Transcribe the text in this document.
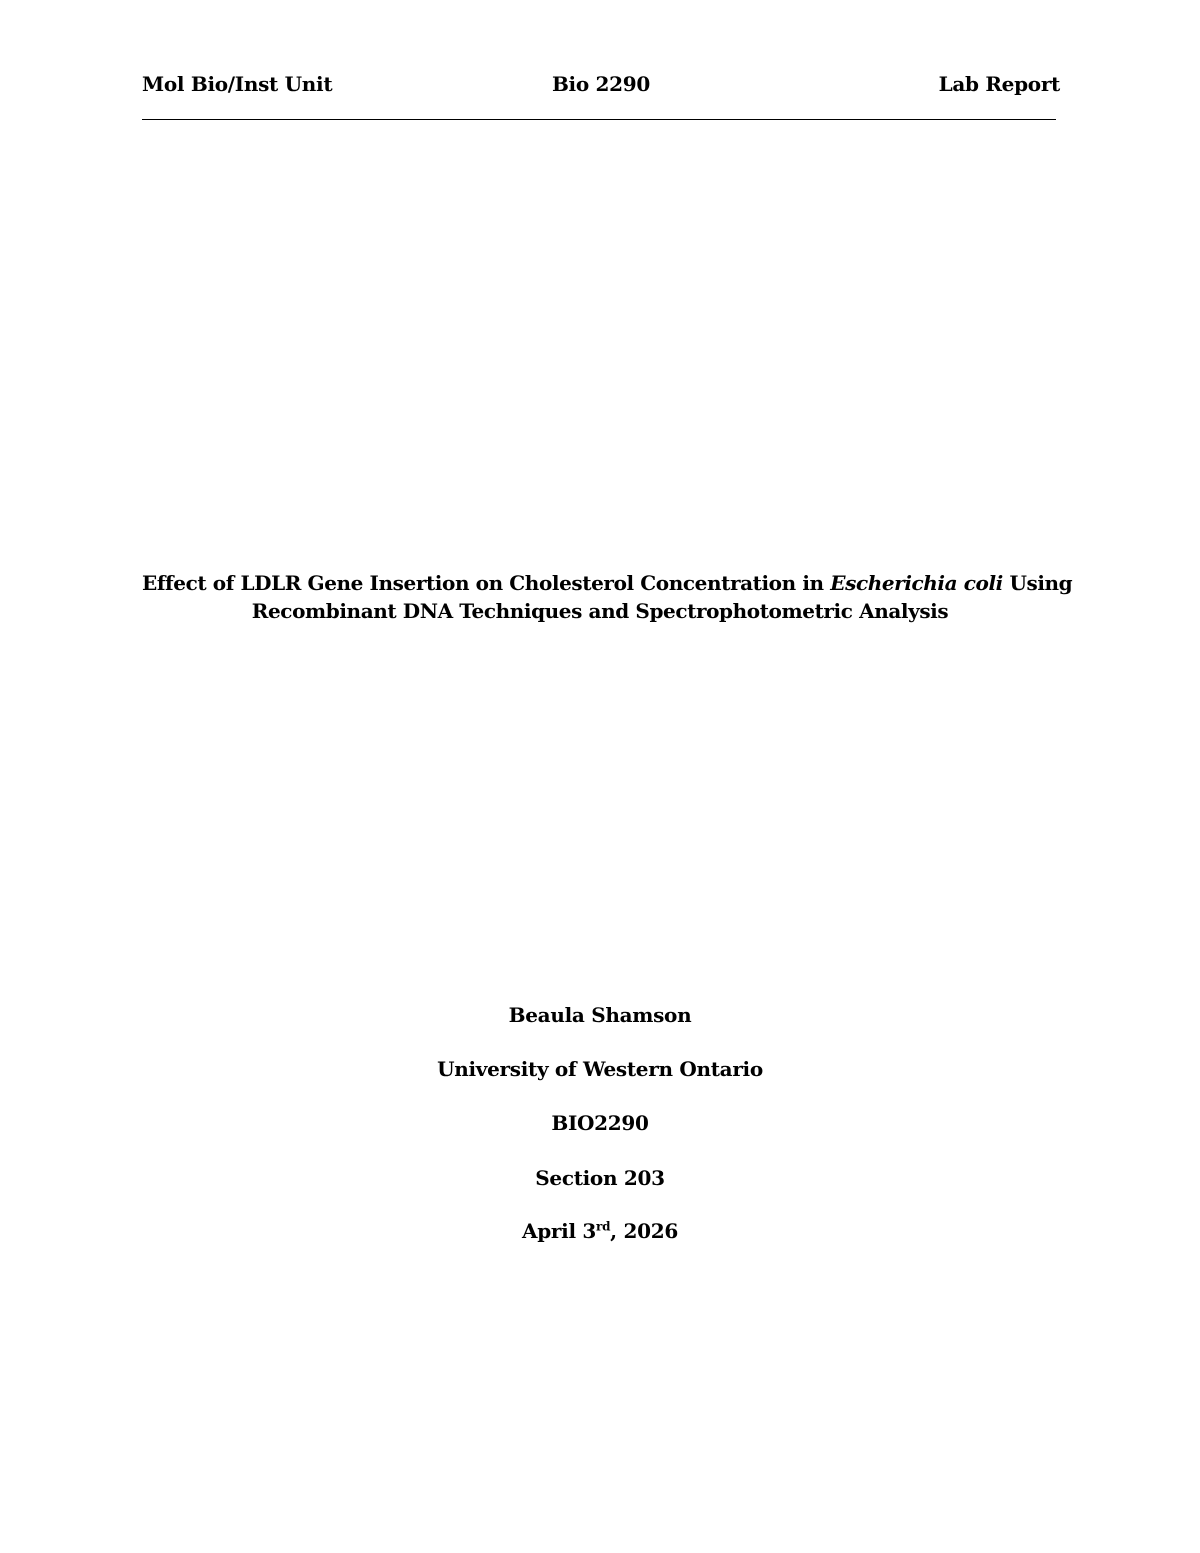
Mol Bio/Inst Unit	Bio 2290	Lab Report
Effect of LDLR Gene Insertion on Cholesterol Concentration in Escherichia coli Using
Recombinant DNA Techniques and Spectrophotometric Analysis
Beaula Shamson
University of Western Ontario
BIO2290
Section 203
April 3rd, 2026
